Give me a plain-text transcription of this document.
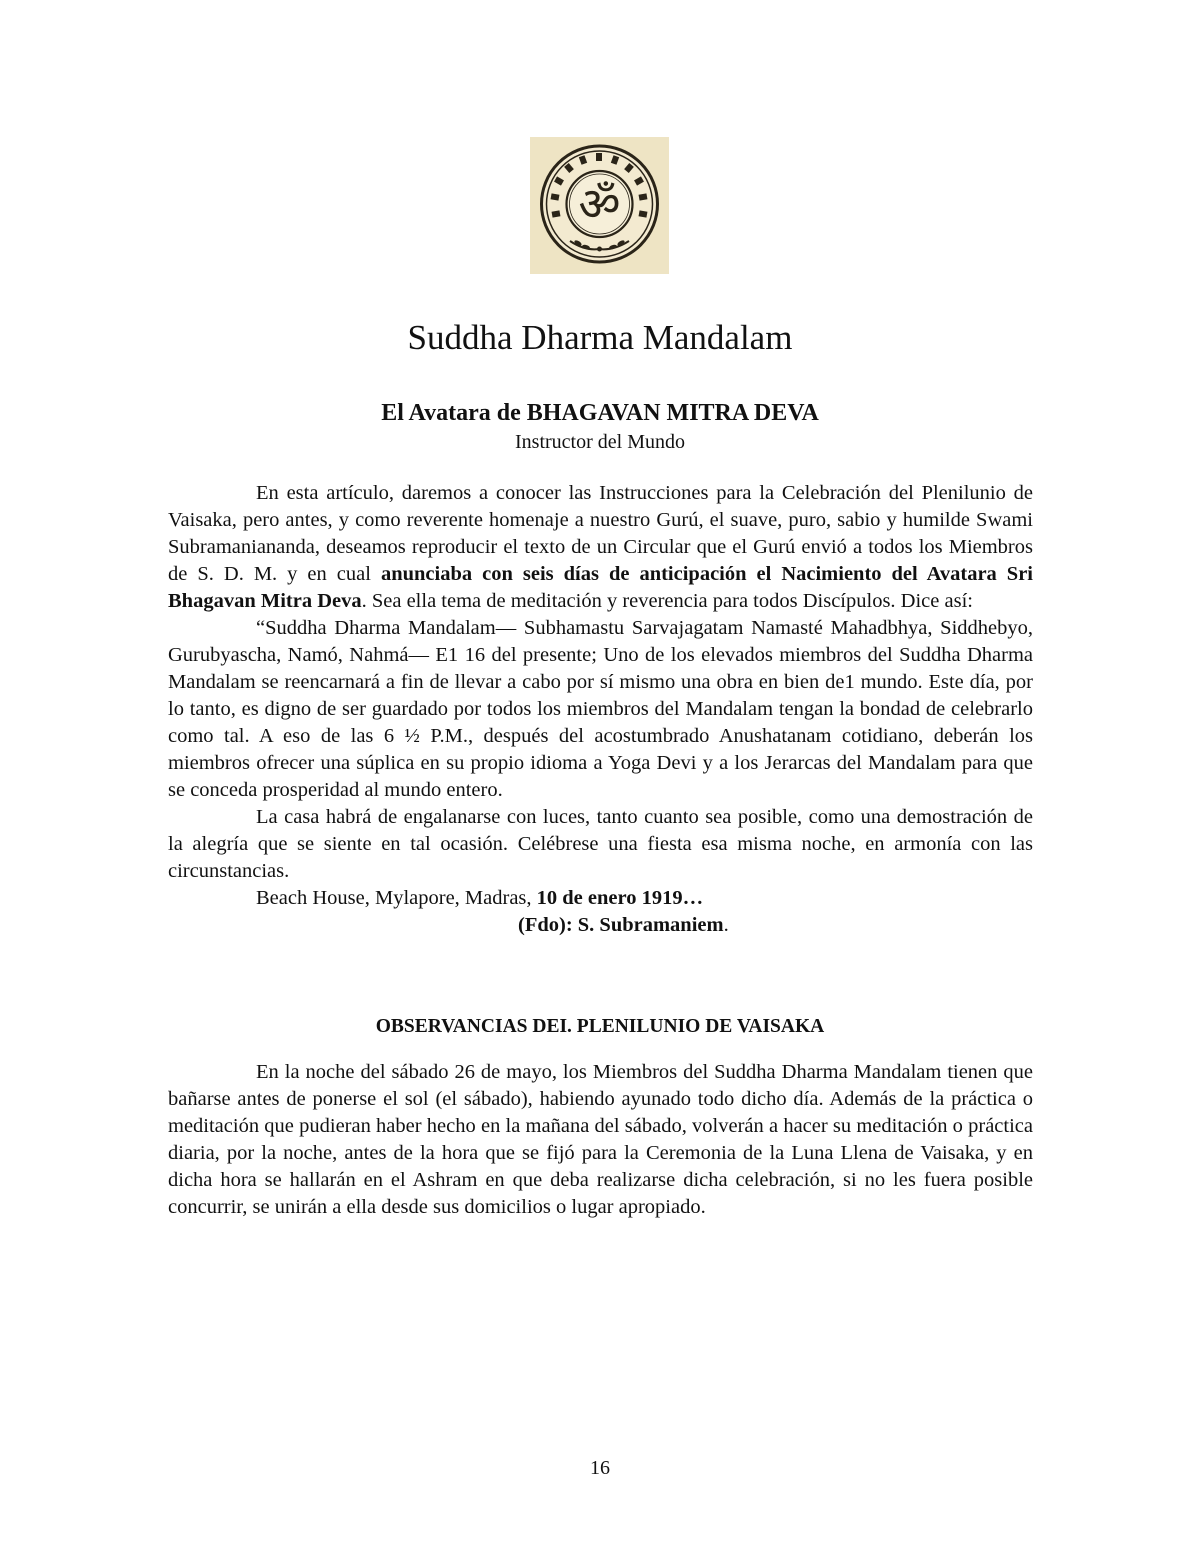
ॐ
Suddha Dharma Mandalam
El Avatara de BHAGAVAN MITRA DEVA
Instructor del Mundo

En esta artículo, daremos a conocer las Instrucciones para la Celebración del Plenilunio de Vaisaka, pero antes, y como reverente homenaje a nuestro Gurú, el suave, puro, sabio y humilde Swami Subramaniananda, deseamos reproducir el texto de un Circular que el Gurú envió a todos los Miembros de S. D. M. y en cual anunciaba con seis días de anticipación el Nacimiento del Avatara Sri Bhagavan Mitra Deva. Sea ella tema de meditación y reverencia para todos Discípulos. Dice así:

“Suddha Dharma Mandalam— Subhamastu Sarvajagatam Namasté Mahadbhya, Siddhebyo, Gurubyascha, Namó, Nahmá— E1 16 del presente; Uno de los elevados miembros del Suddha Dharma Mandalam se reencarnará a fin de llevar a cabo por sí mismo una obra en bien de1 mundo. Este día, por lo tanto, es digno de ser guardado por todos los miembros del Mandalam tengan la bondad de celebrarlo como tal. A eso de las 6 ½ P.M., después del acostumbrado Anushatanam cotidiano, deberán los miembros ofrecer una súplica en su propio idioma a Yoga Devi y a los Jerarcas del Mandalam para que se conceda prosperidad al mundo entero.

La casa habrá de engalanarse con luces, tanto cuanto sea posible, como una demostración de la alegría que se siente en tal ocasión. Celébrese una fiesta esa misma noche, en armonía con las circunstancias.

Beach House, Mylapore, Madras, 10 de enero 1919…

(Fdo): S. Subramaniem.

OBSERVANCIAS DEI. PLENILUNIO DE VAISAKA

En la noche del sábado 26 de mayo, los Miembros del Suddha Dharma Mandalam tienen que bañarse antes de ponerse el sol (el sábado), habiendo ayunado todo dicho día. Además de la práctica o meditación que pudieran haber hecho en la mañana del sábado, volverán a hacer su meditación o práctica diaria, por la noche, antes de la hora que se fijó para la Ceremonia de la Luna Llena de Vaisaka, y en dicha hora se hallarán en el Ashram en que deba realizarse dicha celebración, si no les fuera posible concurrir, se unirán a ella desde sus domicilios o lugar apropiado.

16
